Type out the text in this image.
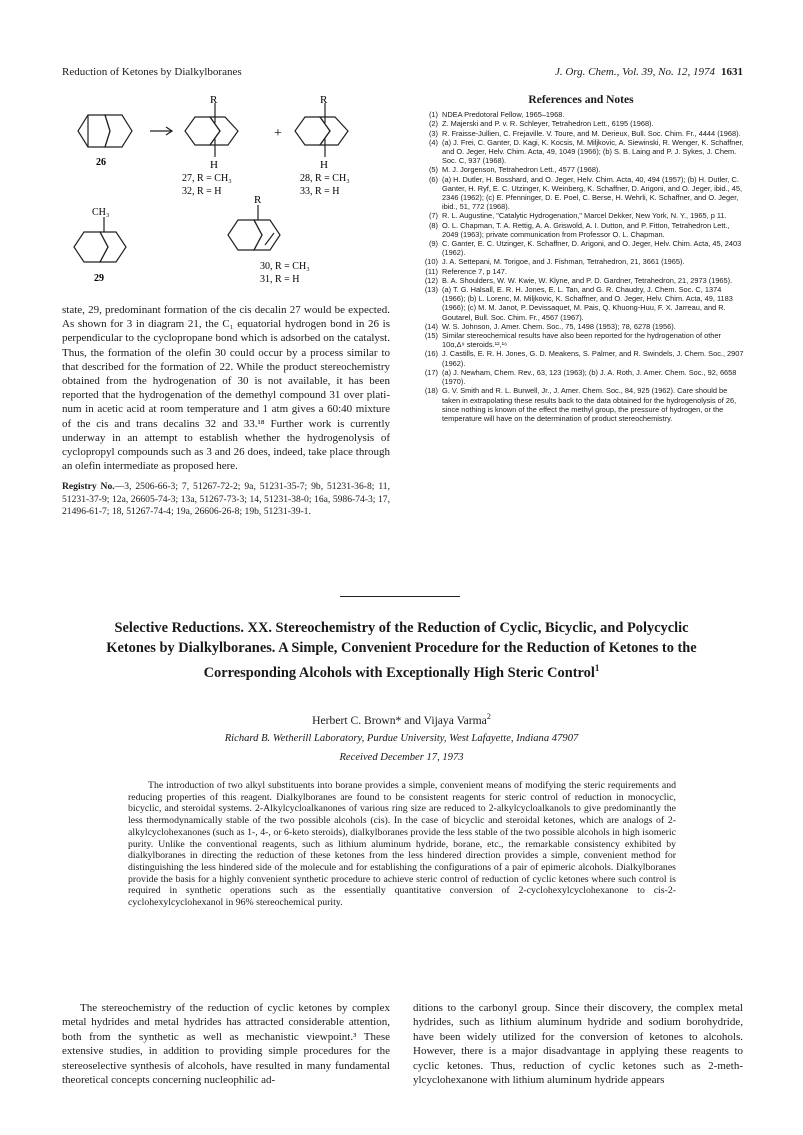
Reduction of Ketones by Dialkylboranes	J. Org. Chem., Vol. 39, No. 12, 1974 1631
R	R
H	H
+
26
27, R = CH₃
32, R = H
28, R = CH₃
33, R = H
CH₃
R
29
30, R = CH₃
31, R = H

state, 29, predominant formation of the cis decalin 27 would be expected. As shown for 3 in diagram 21, the C₁ equatorial hydrogen bond in 26 is perpendicular to the cyclopropane bond which is adsorbed on the catalyst. Thus, the formation of the olefin 30 could occur by a process similar to that described for the formation of 22. While the product stereochemistry obtained from the hydrogenation of 30 is not available, it has been reported that the hydrogenation of the demethyl compound 31 over platinum in acetic acid at room temperature and 1 atm gives a 60:40 mixture of the cis and trans decalins 32 and 33.¹⁸ Further work is currently underway in an attempt to establish whether the hydrogenolysis of cyclopropyl compounds such as 3 and 26 does, indeed, take place through an olefin intermediate as proposed here.

Registry No.—3, 2506-66-3; 7, 51267-72-2; 9a, 51231-35-7; 9b, 51231-36-8; 11, 51231-37-9; 12a, 26605-74-3; 13a, 51267-73-3; 14, 51231-38-0; 16a, 5986-74-3; 17, 21496-61-7; 18, 51267-74-4; 19a, 26606-26-8; 19b, 51231-39-1.

References and Notes
(1) NDEA Predotoral Fellow, 1965–1968.
(2) Z. Majerski and P. v. R. Schleyer, Tetrahedron Lett., 6195 (1968).
(3) R. Fraisse-Jullien, C. Frejaville. V. Toure, and M. Derieux, Bull. Soc. Chim. Fr., 4444 (1968).
(4) (a) J. Frei, C. Ganter, D. Kagi, K. Kocsis, M. Miljkovic, A. Siewinski, R. Wenger, K. Schaffner, and O. Jeger, Helv. Chim. Acta, 49, 1049 (1966); (b) S. B. Laing and P. J. Sykes, J. Chem. Soc. C, 937 (1968).
(5) M. J. Jorgenson, Tetrahedron Lett., 4577 (1968).
(6) (a) H. Dutler, H. Bosshard, and O. Jeger, Helv. Chim. Acta, 40, 494 (1957); (b) H. Dutler, C. Ganter, H. Ryf, E. C. Utzinger, K. Weinberg, K. Schaffner, D. Arigoni, and O. Jeger, ibid., 45, 2346 (1962); (c) E. Pfenninger, D. E. Poel, C. Berse, H. Wehrli, K. Schaffner, and O. Jeger, ibid., 51, 772 (1968).
(7) R. L. Augustine, "Catalytic Hydrogenation," Marcel Dekker, New York, N. Y., 1965, p 11.
(8) O. L. Chapman, T. A. Rettig, A. A. Griswold, A. I. Dutton, and P. Fitton, Tetrahedron Lett., 2049 (1963); private communication from Professor O. L. Chapman.
(9) C. Ganter, E. C. Utzinger, K. Schaffner, D. Arigoni, and O. Jeger, Helv. Chim. Acta, 45, 2403 (1962).
(10) J. A. Settepani, M. Torigoe, and J. Fishman, Tetrahedron, 21, 3661 (1965).
(11) Reference 7, p 147.
(12) B. A. Shoulders, W. W. Kwie, W. Klyne, and P. D. Gardner, Tetrahedron, 21, 2973 (1965).
(13) (a) T. G. Halsall, E. R. H. Jones, E. L. Tan, and G. R. Chaudry, J. Chem. Soc. C, 1374 (1966); (b) L. Lorenc, M. Miljkovic, K. Schaffner, and O. Jeger, Helv. Chim. Acta, 49, 1183 (1966); (c) M. M. Janot, P. Devissaquet, M. Pais, Q. Khuong-Huu, F. X. Jarreau, and R. Goutarel, Bull. Soc. Chim. Fr., 4567 (1967).
(14) W. S. Johnson, J. Amer. Chem. Soc., 75, 1498 (1953); 78, 6278 (1956).
(15) Similar stereochemical results have also been reported for the hydrogenation of other 10α,Δ⁹ steroids.¹²,¹⁶
(16) J. Castills, E. R. H. Jones, G. D. Meakens, S. Palmer, and R. Swindels, J. Chem. Soc., 2907 (1962).
(17) (a) J. Newham, Chem. Rev., 63, 123 (1963); (b) J. A. Roth, J. Amer. Chem. Soc., 92, 6658 (1970).
(18) G. V. Smith and R. L. Burwell, Jr., J. Amer. Chem. Soc., 84, 925 (1962). Care should be taken in extrapolating these results back to the data obtained for the hydrogenolysis of 26, since nothing is known of the effect the methyl group, the pressure of hydrogen, or the temperature will have on the determination of product stereochemistry.
Selective Reductions. XX. Stereochemistry of the Reduction of Cyclic, Bicyclic, and Polycyclic Ketones by Dialkylboranes. A Simple, Convenient Procedure for the Reduction of Ketones to the Corresponding Alcohols with Exceptionally High Steric Control$^1$
Herbert C. Brown* and Vijaya Varma$^2$
Richard B. Wetherill Laboratory, Purdue University, West Lafayette, Indiana 47907
Received December 17, 1973
The introduction of two alkyl substituents into borane provides a simple, convenient means of modifying the steric requirements and reducing properties of this reagent. Dialkylboranes are found to be consistent reagents for steric control of reduction in monocyclic, bicyclic, and steroidal systems. 2-Alkylcycloalkanones of various ring size are reduced to 2-alkylcycloalkanols to give predominantly the less thermodynamically stable of the two possible alcohols (cis). In the case of bicyclic and steroidal ketones, which are analogs of 2-alkylcyclohexanones (such as 1-, 4-, or 6-keto steroids), dialkylboranes provide the less stable of the two possible alcohols in high isomeric purity. Unlike the conventional reagents, such as lithium aluminum hydride, borane, etc., the remarkable consistency exhibited by dialkylboranes in directing the reduction of these ketones from the less hindered direction provides a simple, convenient method for distinguishing the less hindered side of the molecule and for establishing the configurations of a pair of epimeric alcohols. Dialkylboranes provide the basis for a highly convenient synthetic procedure to achieve steric control of reduction of cyclic ketones where such control is required in synthetic operations such as the essentially quantitative conversion of 2-cyclohexylcyclohexanone to cis-2-cyclohexylcyclohexanol in 96% stereochemical purity.
The stereochemistry of the reduction of cyclic ketones by complex metal hydrides and metal hydrides has attracted considerable attention, both from the synthetic as well as mechanistic viewpoint.³ These extensive studies, in addition to providing simple procedures for the stereoselective synthesis of alcohols, have resulted in many fundamental theoretical concepts concerning nucleophilic ad-
ditions to the carbonyl group. Since their discovery, the complex metal hydrides, such as lithium aluminum hydride and sodium borohydride, have been widely utilized for the conversion of ketones to alcohols. However, there is a major disadvantage in applying these reagents to cyclic ketones. Thus, reduction of cyclic ketones such as 2-methylcyclohexanone with lithium aluminum hydride appears
